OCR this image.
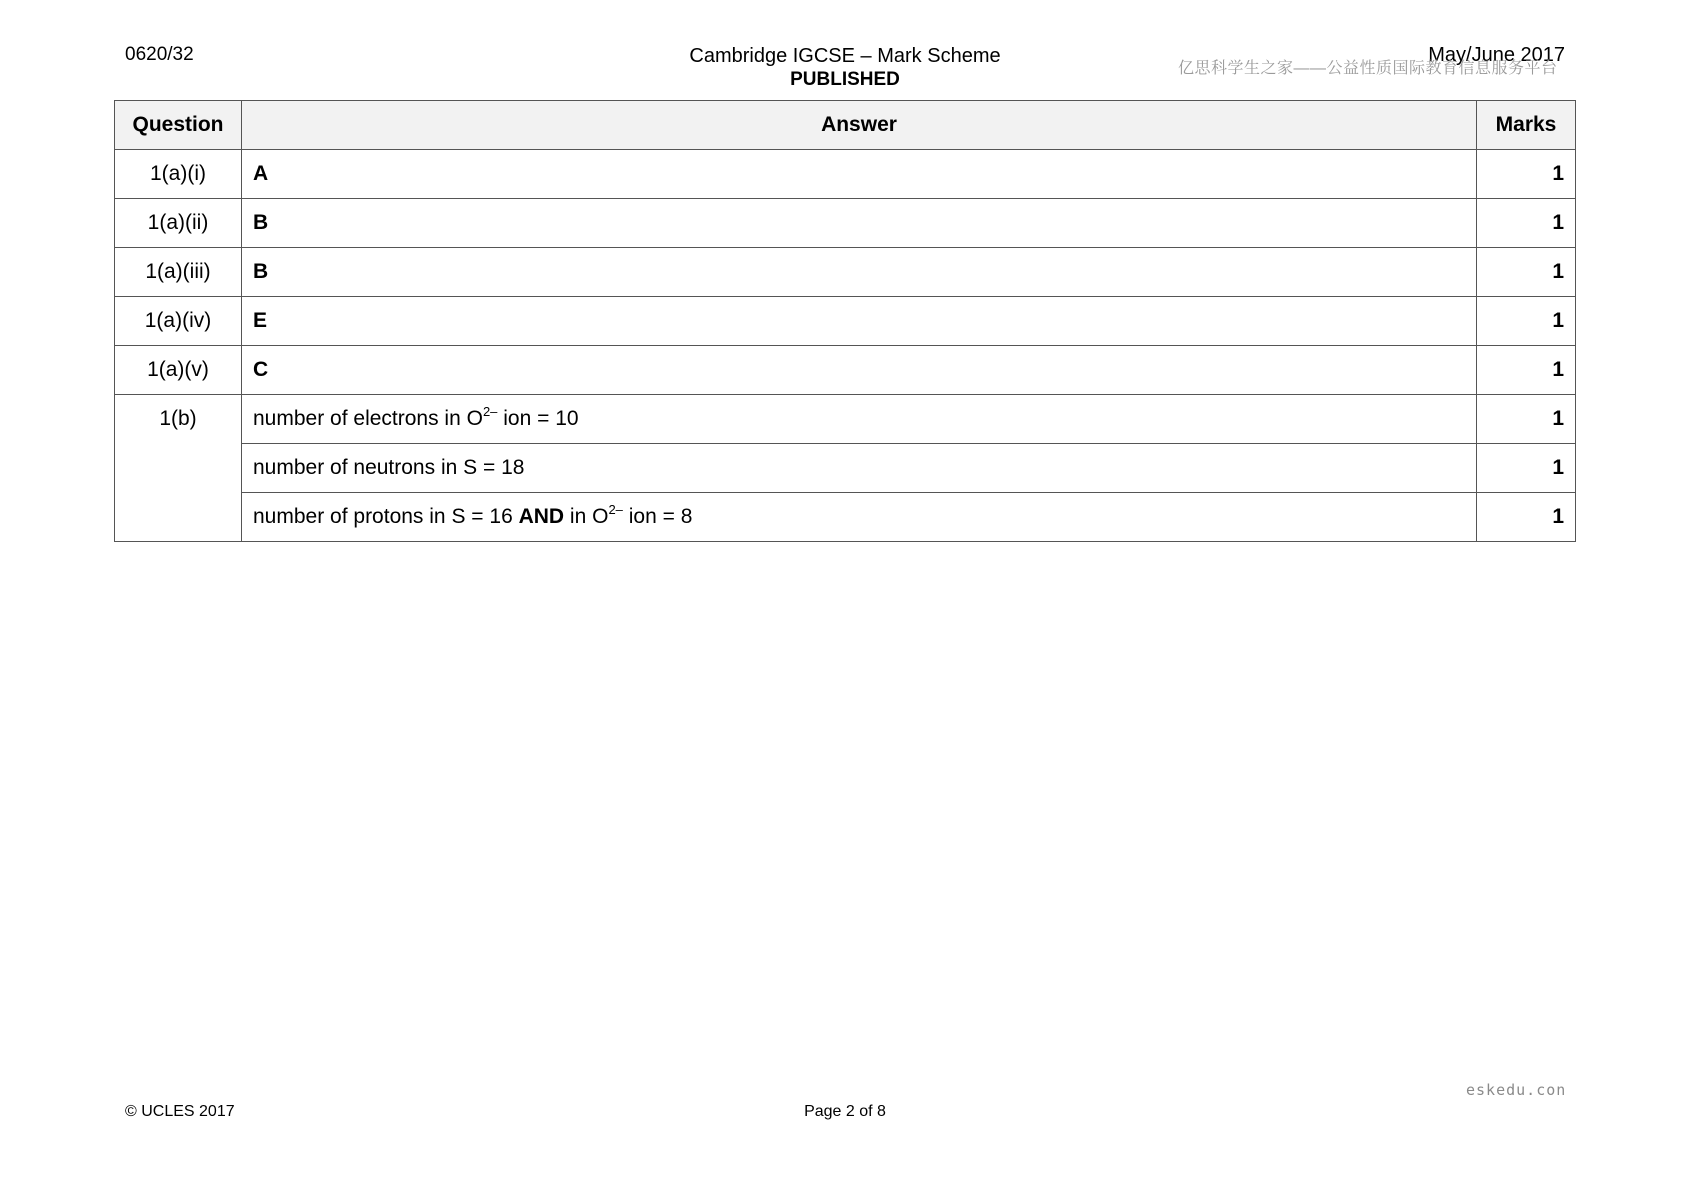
0620/32	Cambridge IGCSE – Mark Scheme
PUBLISHED
May/June 2017
亿思科学生之家——公益性质国际教育信息服务平台
Question	Answer	Marks
1(a)(i)	A	1
1(a)(ii)	B	1
1(a)(iii)	B	1
1(a)(iv)	E	1
1(a)(v)	C	1
1(b)	number of electrons in $O^{2-}$ ion = 10	1
	number of neutrons in S = 18	1
	number of protons in S = 16 AND in $O^{2-}$ ion = 8	1
eskedu.con
© UCLES 2017	Page 2 of 8
